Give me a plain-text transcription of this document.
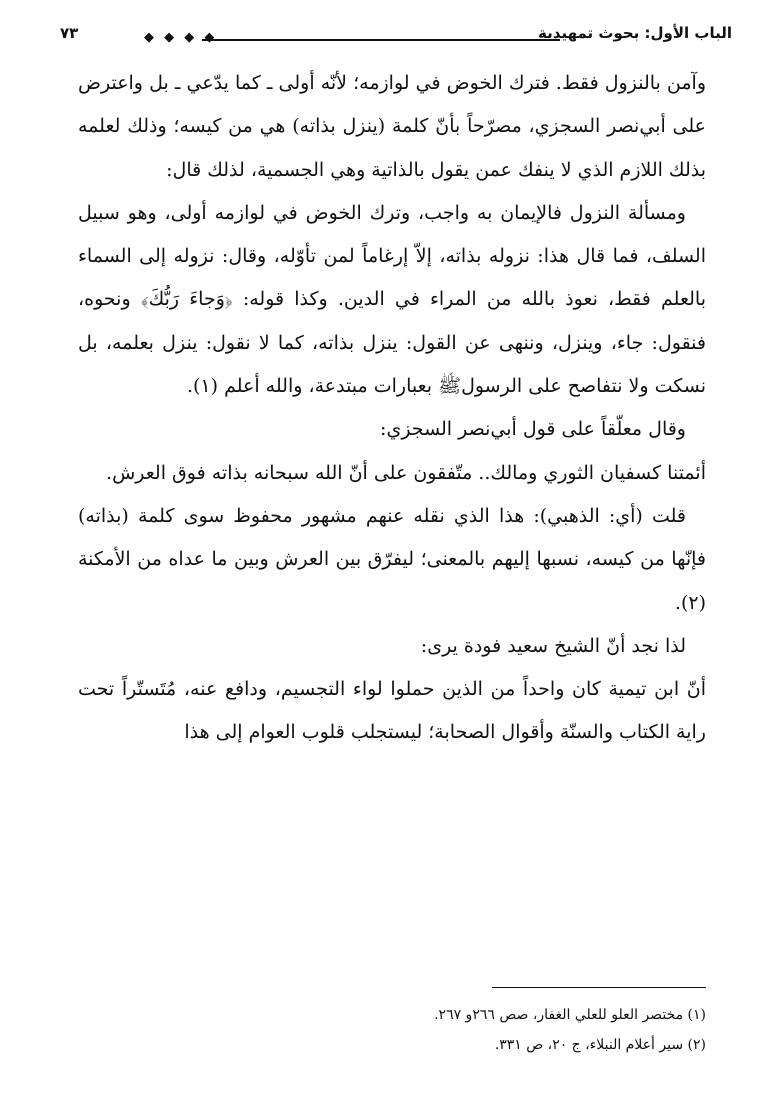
الباب الأول: بحوث تمهيدية
◆ ◆ ◆ ◆
٧٣

وآمن بالنزول فقط. فترك الخوض في لوازمه؛ لأنّه أولى ـ كما يدّعي ـ بل واعترض على أبي‌نصر السجزي، مصرّحاً بأنّ كلمة (ينزل بذاته) هي من كيسه؛ وذلك لعلمه بذلك اللازم الذي لا ينفك عمن يقول بالذاتية وهي الجسمية، لذلك قال:

ومسألة النزول فالإيمان به واجب، وترك الخوض في لوازمه أولى، وهو سبيل السلف، فما قال هذا: نزوله بذاته، إلاّ إرغاماً لمن تأوّله، وقال: نزوله إلى السماء بالعلم فقط، نعوذ بالله من المراء في الدين. وكذا قوله: ﴿وَجاءَ رَبُّكَ﴾ ونحوه، فنقول: جاء، وينزل، وننهى عن القول: ينزل بذاته، كما لا نقول: ينزل بعلمه، بل نسكت ولا نتفاصح على الرسولﷺ بعبارات مبتدعة، والله أعلم (١).

وقال معلّقاً على قول أبي‌نصر السجزي:

أئمتنا كسفيان الثوري ومالك.. متّفقون على أنّ الله سبحانه بذاته فوق العرش.

قلت (أي: الذهبي): هذا الذي نقله عنهم مشهور محفوظ سوى كلمة (بذاته) فإنّها من كيسه، نسبها إليهم بالمعنى؛ ليفرّق بين العرش وبين ما عداه من الأمكنة (٢).

لذا نجد أنّ الشيخ سعيد فودة يرى:

أنّ ابن تيمية كان واحداً من الذين حملوا لواء التجسيم، ودافع عنه، مُتَستّراً تحت راية الكتاب والسنّة وأقوال الصحابة؛ ليستجلب قلوب العوام إلى هذا

(١) مختصر العلو للعلي الغفار، صص ٢٦٦و ٢٦٧.

(٢) سير أعلام النبلاء، ج ٢٠، ص ٣٣١.
